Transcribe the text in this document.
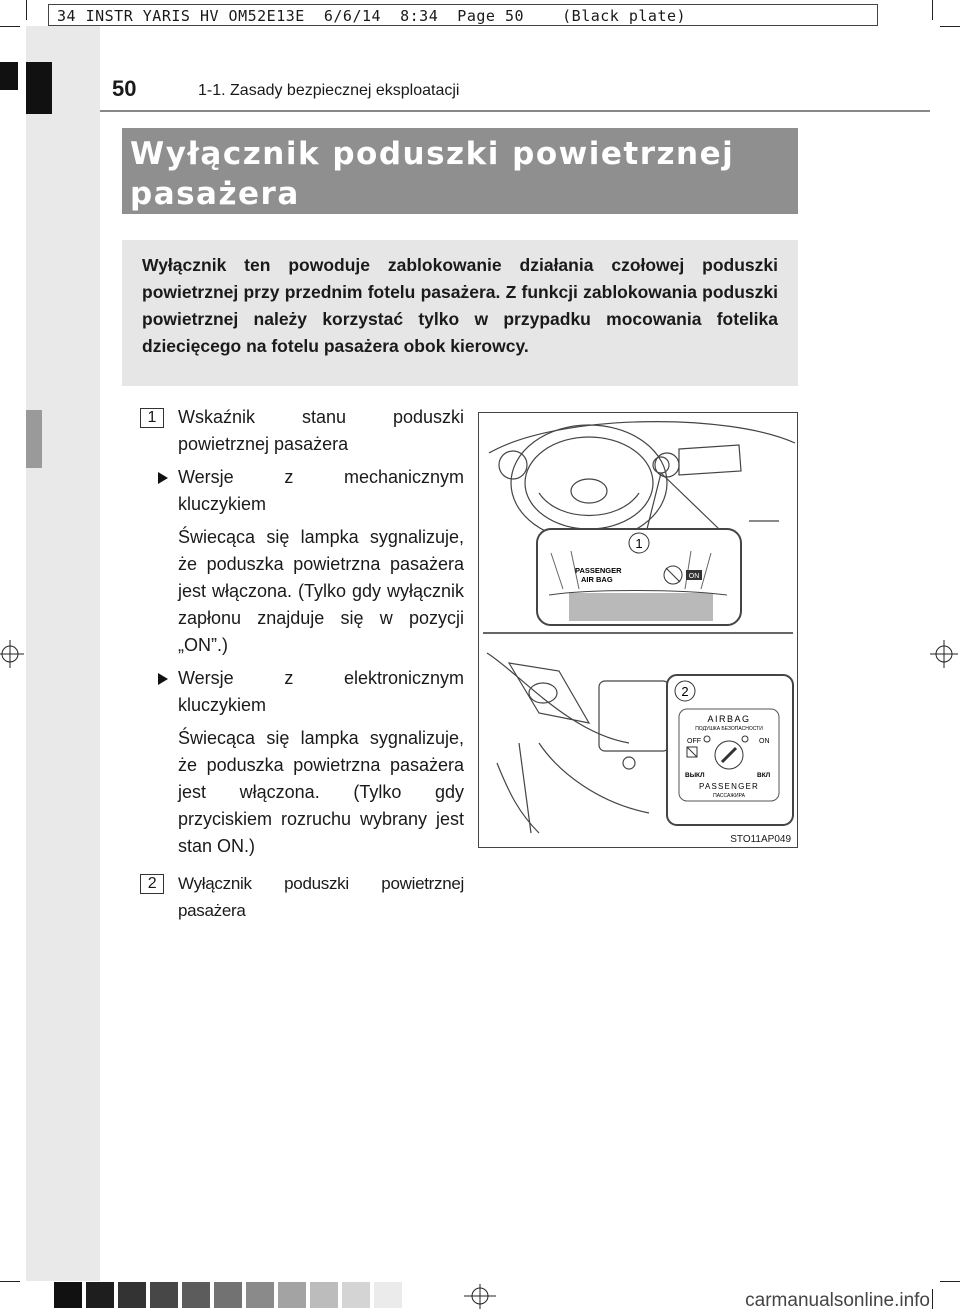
34 INSTR YARIS HV OM52E13E  6/6/14  8:34  Page 50    (Black plate)
50	1-1. Zasady bezpiecznej eksploatacji
Wyłącznik poduszki powietrznej
pasażera
Wyłącznik ten powoduje zablokowanie działania czołowej poduszki powietrznej przy przednim fotelu pasażera. Z funkcji zablokowania poduszki powietrznej należy korzystać tylko w przypadku mocowania fotelika dziecięcego na fotelu pasażera obok kierowcy.
1	Wskaźnik stanu poduszki powietrznej pasażera
Wersje z mechanicznym kluczykiem
Świecąca się lampka sygnalizuje, że poduszka powietrzna pasażera jest włączona. (Tylko gdy wyłącznik zapłonu znajduje się w pozycji „ON”.)
Wersje z elektronicznym kluczykiem
Świecąca się lampka sygnalizuje, że poduszka powietrzna pasażera jest włączona. (Tylko gdy przyciskiem rozruchu wybrany jest stan ON.)
2	Wyłącznik poduszki powietrznej pasażera
1
PASSENGER
AIR BAG	ON
2
AIRBAG
ПОДУШКА БЕЗОПАСНОСТИ
OFF	ON
ВЫКЛ	ВКЛ
PASSENGER
ПАССАЖИРА
STO11AP049
carmanualsonline.info
